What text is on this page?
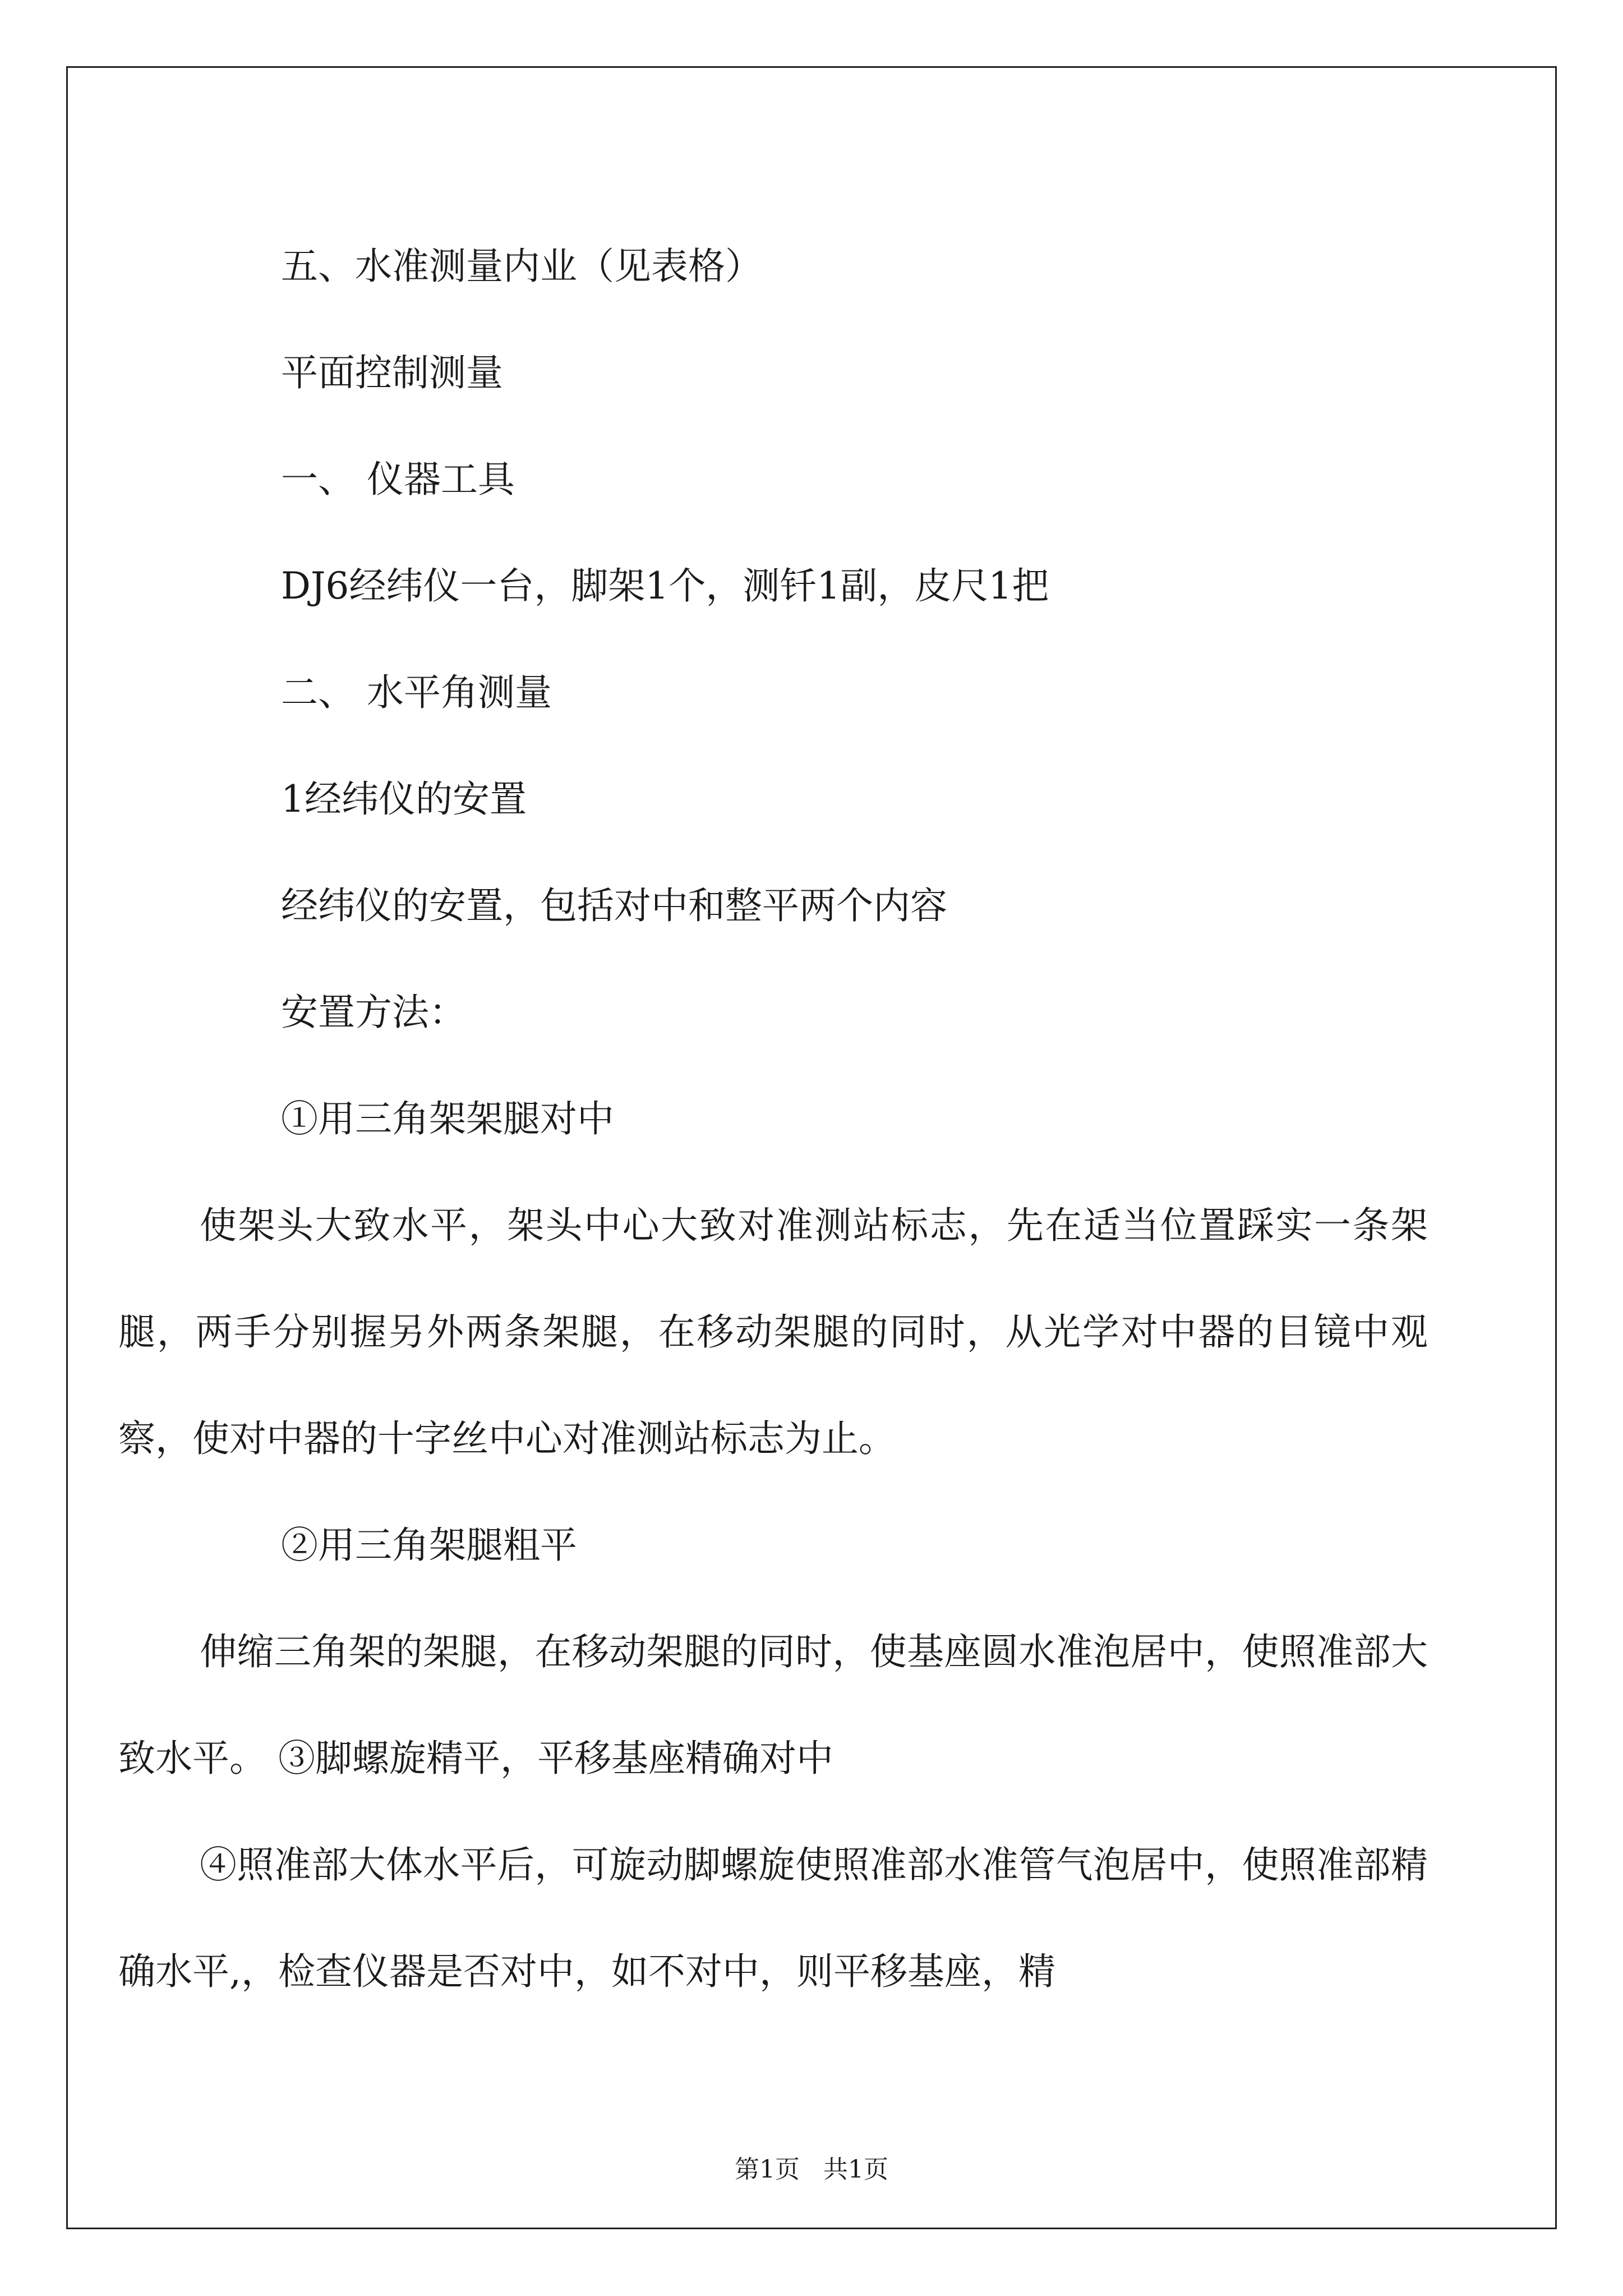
五、水准测量内业（见表格）

平面控制测量

一、 仪器工具

DJ6经纬仪一台，脚架1个，测钎1副，皮尺1把

二、 水平角测量

1经纬仪的安置

经纬仪的安置，包括对中和整平两个内容

安置方法：

①用三角架架腿对中

使架头大致水平，架头中心大致对准测站标志，先在适当位置踩实一条架腿，两手分别握另外两条架腿，在移动架腿的同时，从光学对中器的目镜中观察，使对中器的十字丝中心对准测站标志为止。

②用三角架腿粗平

伸缩三角架的架腿，在移动架腿的同时，使基座圆水准泡居中，使照准部大致水平。 ③脚螺旋精平，平移基座精确对中

④照准部大体水平后，可旋动脚螺旋使照准部水准管气泡居中，使照准部精确水平,，检查仪器是否对中，如不对中，则平移基座，精

第1页 共1页
